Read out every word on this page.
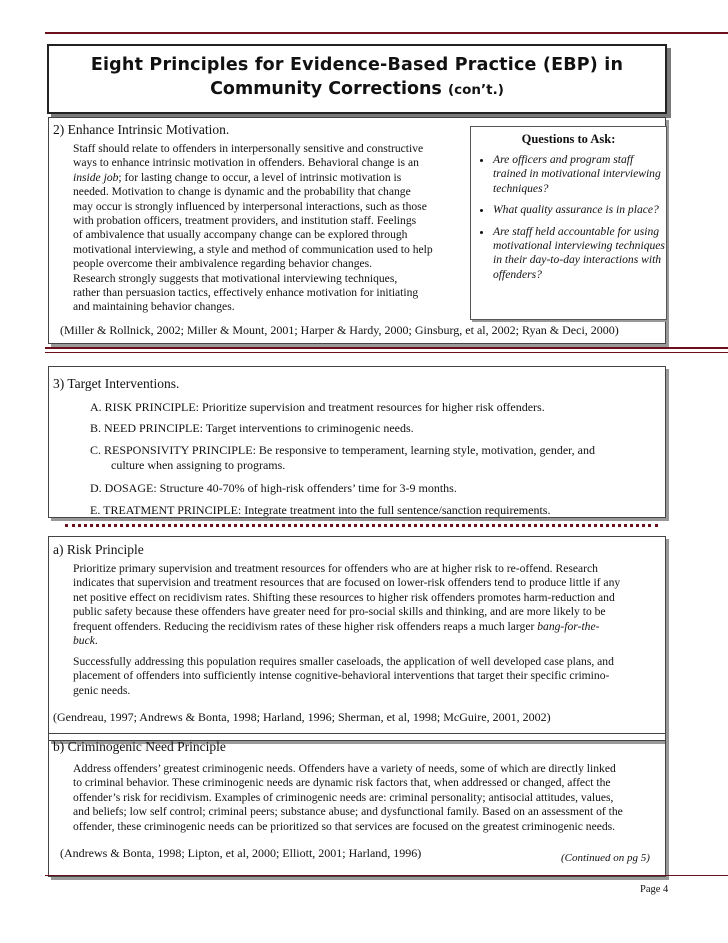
Eight Principles for Evidence-Based Practice (EBP) in
Community Corrections (con’t.)
2) Enhance Intrinsic Motivation.
Staff should relate to offenders in interpersonally sensitive and constructive
ways to enhance intrinsic motivation in offenders. Behavioral change is an
inside job; for lasting change to occur, a level of intrinsic motivation is
needed. Motivation to change is dynamic and the probability that change
may occur is strongly influenced by interpersonal interactions, such as those
with probation officers, treatment providers, and institution staff. Feelings
of ambivalence that usually accompany change can be explored through
motivational interviewing, a style and method of communication used to help
people overcome their ambivalence regarding behavior changes.
Research strongly suggests that motivational interviewing techniques,
rather than persuasion tactics, effectively enhance motivation for initiating
and maintaining behavior changes.
Questions to Ask:
• Are officers and program staff trained in motivational interviewing techniques?
• What quality assurance is in place?
• Are staff held accountable for using motivational interviewing techniques in their day-to-day interactions with offenders?
(Miller & Rollnick, 2002; Miller & Mount, 2001; Harper & Hardy, 2000; Ginsburg, et al, 2002; Ryan & Deci, 2000)
3) Target Interventions.
A. RISK PRINCIPLE: Prioritize supervision and treatment resources for higher risk offenders.
B. NEED PRINCIPLE: Target interventions to criminogenic needs.
C. RESPONSIVITY PRINCIPLE: Be responsive to temperament, learning style, motivation, gender, and
culture when assigning to programs.
D. DOSAGE: Structure 40-70% of high-risk offenders’ time for 3-9 months.
E. TREATMENT PRINCIPLE: Integrate treatment into the full sentence/sanction requirements.
a) Risk Principle
Prioritize primary supervision and treatment resources for offenders who are at higher risk to re-offend. Research
indicates that supervision and treatment resources that are focused on lower-risk offenders tend to produce little if any
net positive effect on recidivism rates. Shifting these resources to higher risk offenders promotes harm-reduction and
public safety because these offenders have greater need for pro-social skills and thinking, and are more likely to be
frequent offenders. Reducing the recidivism rates of these higher risk offenders reaps a much larger bang-for-the-
buck.
Successfully addressing this population requires smaller caseloads, the application of well developed case plans, and
placement of offenders into sufficiently intense cognitive-behavioral interventions that target their specific crimino-
genic needs.
(Gendreau, 1997; Andrews & Bonta, 1998; Harland, 1996; Sherman, et al, 1998; McGuire, 2001, 2002)
b) Criminogenic Need Principle
Address offenders’ greatest criminogenic needs. Offenders have a variety of needs, some of which are directly linked
to criminal behavior. These criminogenic needs are dynamic risk factors that, when addressed or changed, affect the
offender’s risk for recidivism. Examples of criminogenic needs are: criminal personality; antisocial attitudes, values,
and beliefs; low self control; criminal peers; substance abuse; and dysfunctional family. Based on an assessment of the
offender, these criminogenic needs can be prioritized so that services are focused on the greatest criminogenic needs.
(Andrews & Bonta, 1998; Lipton, et al, 2000; Elliott, 2001; Harland, 1996)	(Continued on pg 5)
Page 4
